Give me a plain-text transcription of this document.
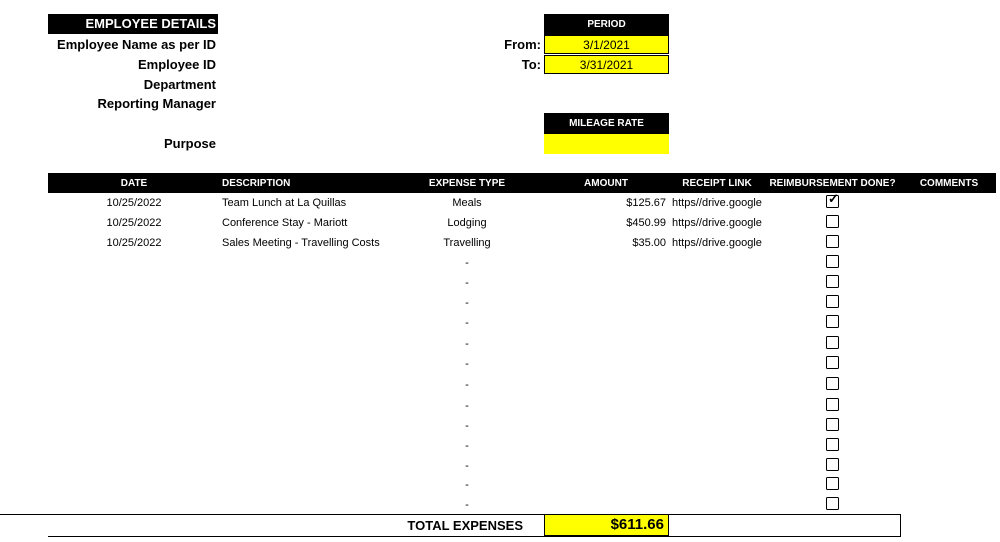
EMPLOYEE DETAILS
Employee Name as per ID
Employee ID
Department
Reporting Manager
Purpose
PERIOD
From:	3/1/2021
To:	3/31/2021
MILEAGE RATE
DATE	DESCRIPTION	EXPENSE TYPE	AMOUNT	RECEIPT LINK	REIMBURSEMENT DONE?	COMMENTS
10/25/2022	Team Lunch at La Quillas	Meals	$125.67 https//drive.google	✓
10/25/2022	Conference Stay - Mariott	Lodging	$450.99 https//drive.google
10/25/2022	Sales Meeting - Travelling Costs	Travelling	$35.00 https//drive.google
-
-
-
-
-
-
-
-
-
-
-
-
-
TOTAL EXPENSES	$611.66
